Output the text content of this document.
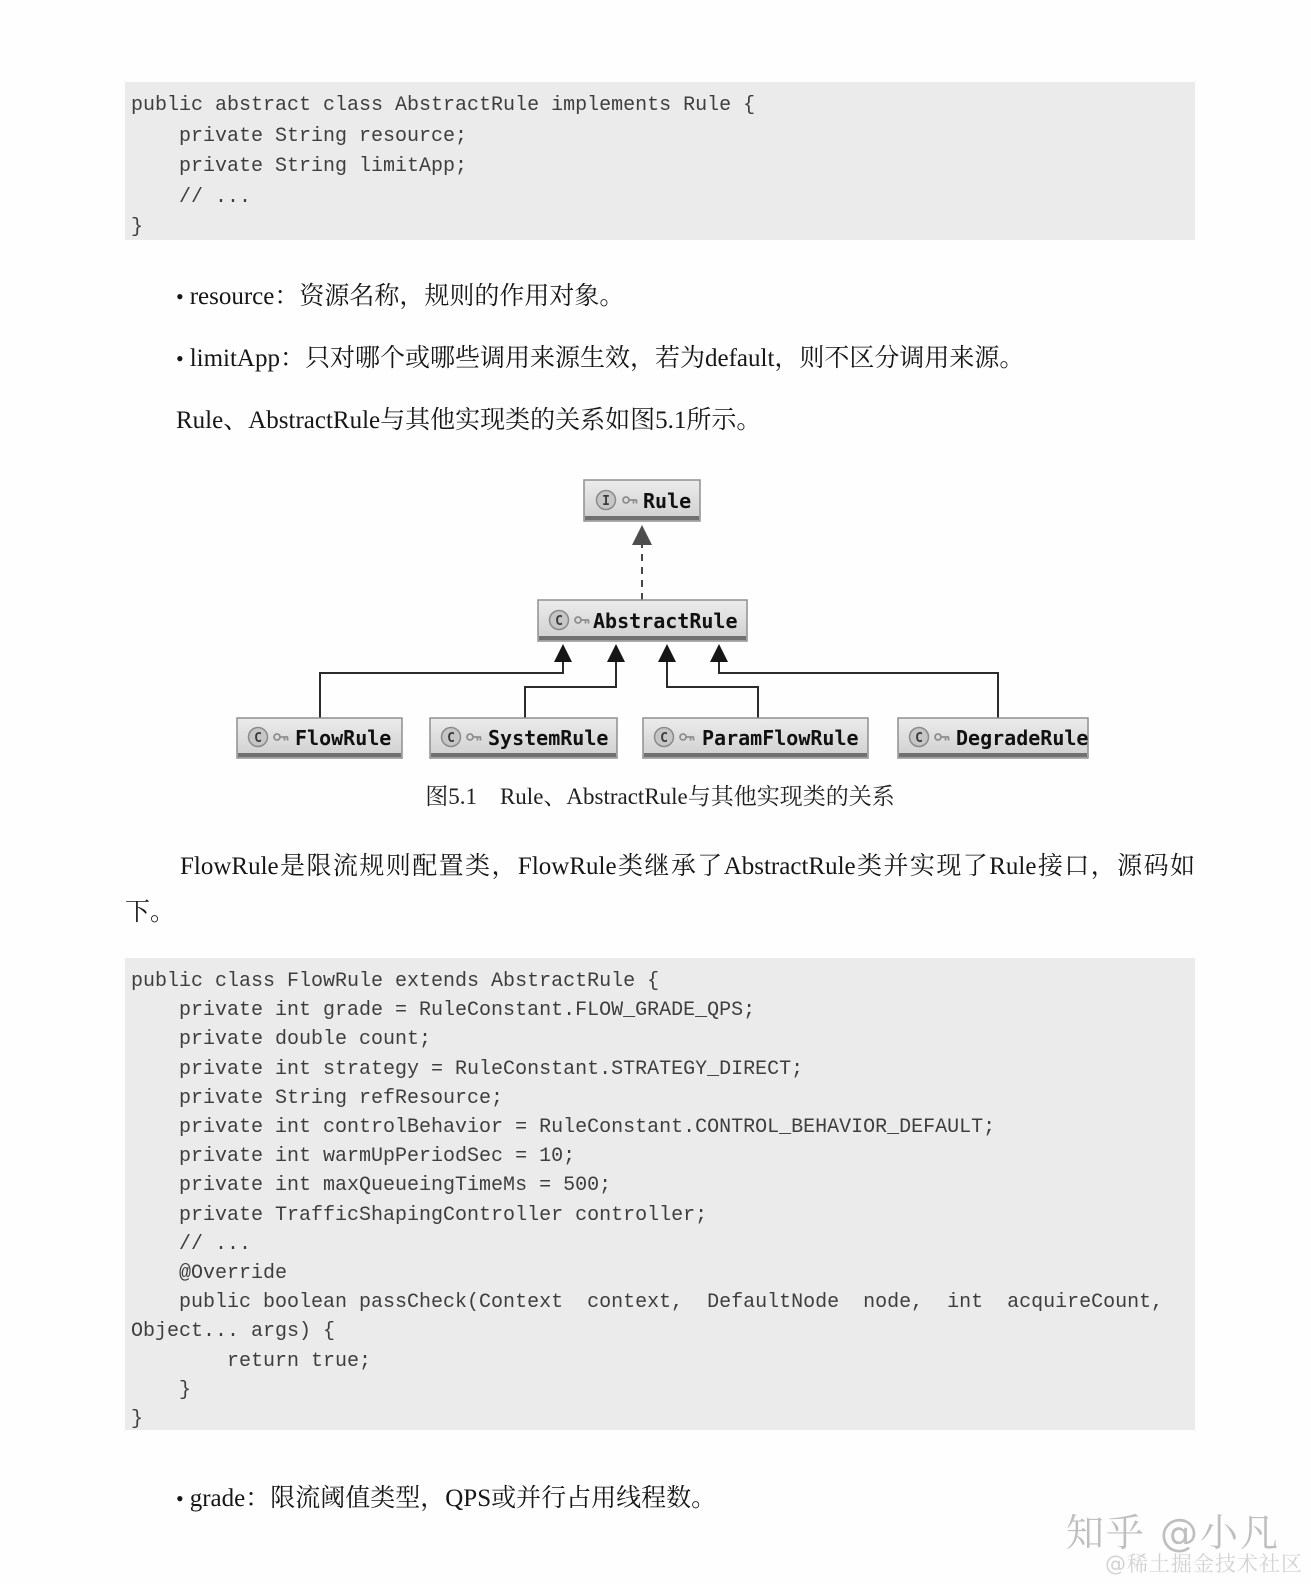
public abstract class AbstractRule implements Rule {
private String resource;
private String limitApp;
// ...
}
• resource：资源名称，规则的作用对象。
• limitApp：只对哪个或哪些调用来源生效，若为default，则不区分调用来源。
Rule、AbstractRule与其他实现类的关系如图5.1所示。
I Rule
C AbstractRule
C FlowRule	C SystemRule	C ParamFlowRule	C DegradeRule
图5.1　Rule、AbstractRule与其他实现类的关系
FlowRule是限流规则配置类，FlowRule类继承了AbstractRule类并实现了Rule接口，源码如下。
public class FlowRule extends AbstractRule {
private int grade = RuleConstant.FLOW_GRADE_QPS;
private double count;
private int strategy = RuleConstant.STRATEGY_DIRECT;
private String refResource;
private int controlBehavior = RuleConstant.CONTROL_BEHAVIOR_DEFAULT;
private int warmUpPeriodSec = 10;
private int maxQueueingTimeMs = 500;
private TrafficShapingController controller;
// ...
@Override
public boolean passCheck(Context  context,  DefaultNode  node,  int  acquireCount,
Object... args) {
return true;
}
}
• grade：限流阈值类型，QPS或并行占用线程数。
知乎 @小凡
@稀土掘金技术社区
